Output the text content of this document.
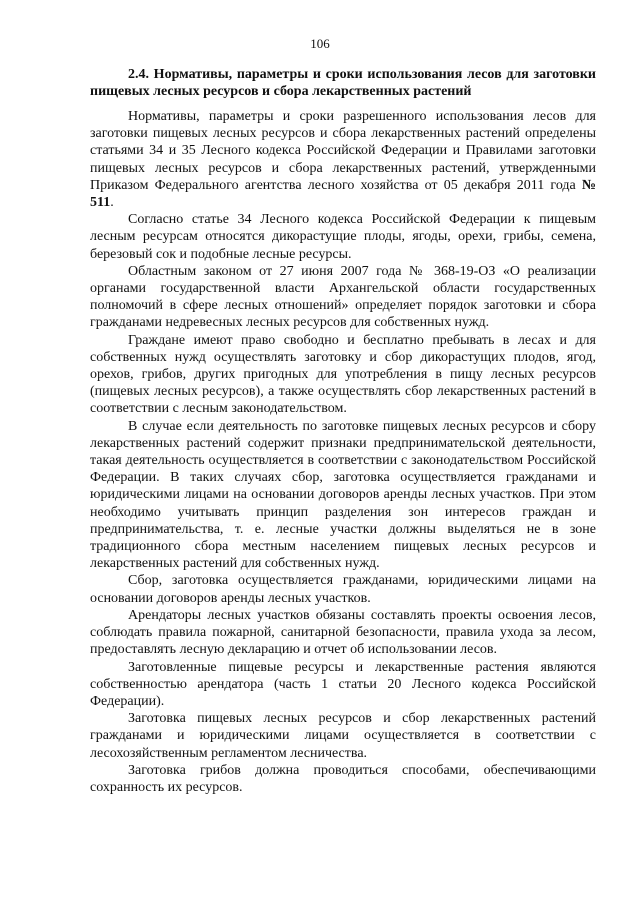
106

2.4. Нормативы, параметры и сроки использования лесов для заготовки пищевых лесных ресурсов и сбора лекарственных растений

Нормативы, параметры и сроки разрешенного использования лесов для заготовки пищевых лесных ресурсов и сбора лекарственных растений определены статьями 34 и 35 Лесного кодекса Российской Федерации и Правилами заготовки пищевых лесных ресурсов и сбора лекарственных растений, утвержденными Приказом Федерального агентства лесного хозяйства от 05 декабря 2011 года № 511.

Согласно статье 34 Лесного кодекса Российской Федерации к пищевым лесным ресурсам относятся дикорастущие плоды, ягоды, орехи, грибы, семена, березовый сок и подобные лесные ресурсы.

Областным законом от 27 июня 2007 года № 368-19-ОЗ «О реализации органами государственной власти Архангельской области государственных полномочий в сфере лесных отношений» определяет порядок заготовки и сбора гражданами недревесных лесных ресурсов для собственных нужд.

Граждане имеют право свободно и бесплатно пребывать в лесах и для собственных нужд осуществлять заготовку и сбор дикорастущих плодов, ягод, орехов, грибов, других пригодных для употребления в пищу лесных ресурсов (пищевых лесных ресурсов), а также осуществлять сбор лекарственных растений в соответствии с лесным законодательством.

В случае если деятельность по заготовке пищевых лесных ресурсов и сбору лекарственных растений содержит признаки предпринимательской деятельности, такая деятельность осуществляется в соответствии с законодательством Российской Федерации. В таких случаях сбор, заготовка осуществляется гражданами и юридическими лицами на основании договоров аренды лесных участков. При этом необходимо учитывать принцип разделения зон интересов граждан и предпринимательства, т. е. лесные участки должны выделяться не в зоне традиционного сбора местным населением пищевых лесных ресурсов и лекарственных растений для собственных нужд.

Сбор, заготовка осуществляется гражданами, юридическими лицами на основании договоров аренды лесных участков.

Арендаторы лесных участков обязаны составлять проекты освоения лесов, соблюдать правила пожарной, санитарной безопасности, правила ухода за лесом, предоставлять лесную декларацию и отчет об использовании лесов.

Заготовленные пищевые ресурсы и лекарственные растения являются собственностью арендатора (часть 1 статьи 20 Лесного кодекса Российской Федерации).

Заготовка пищевых лесных ресурсов и сбор лекарственных растений гражданами и юридическими лицами осуществляется в соответствии с лесохозяйственным регламентом лесничества.

Заготовка грибов должна проводиться способами, обеспечивающими сохранность их ресурсов.
